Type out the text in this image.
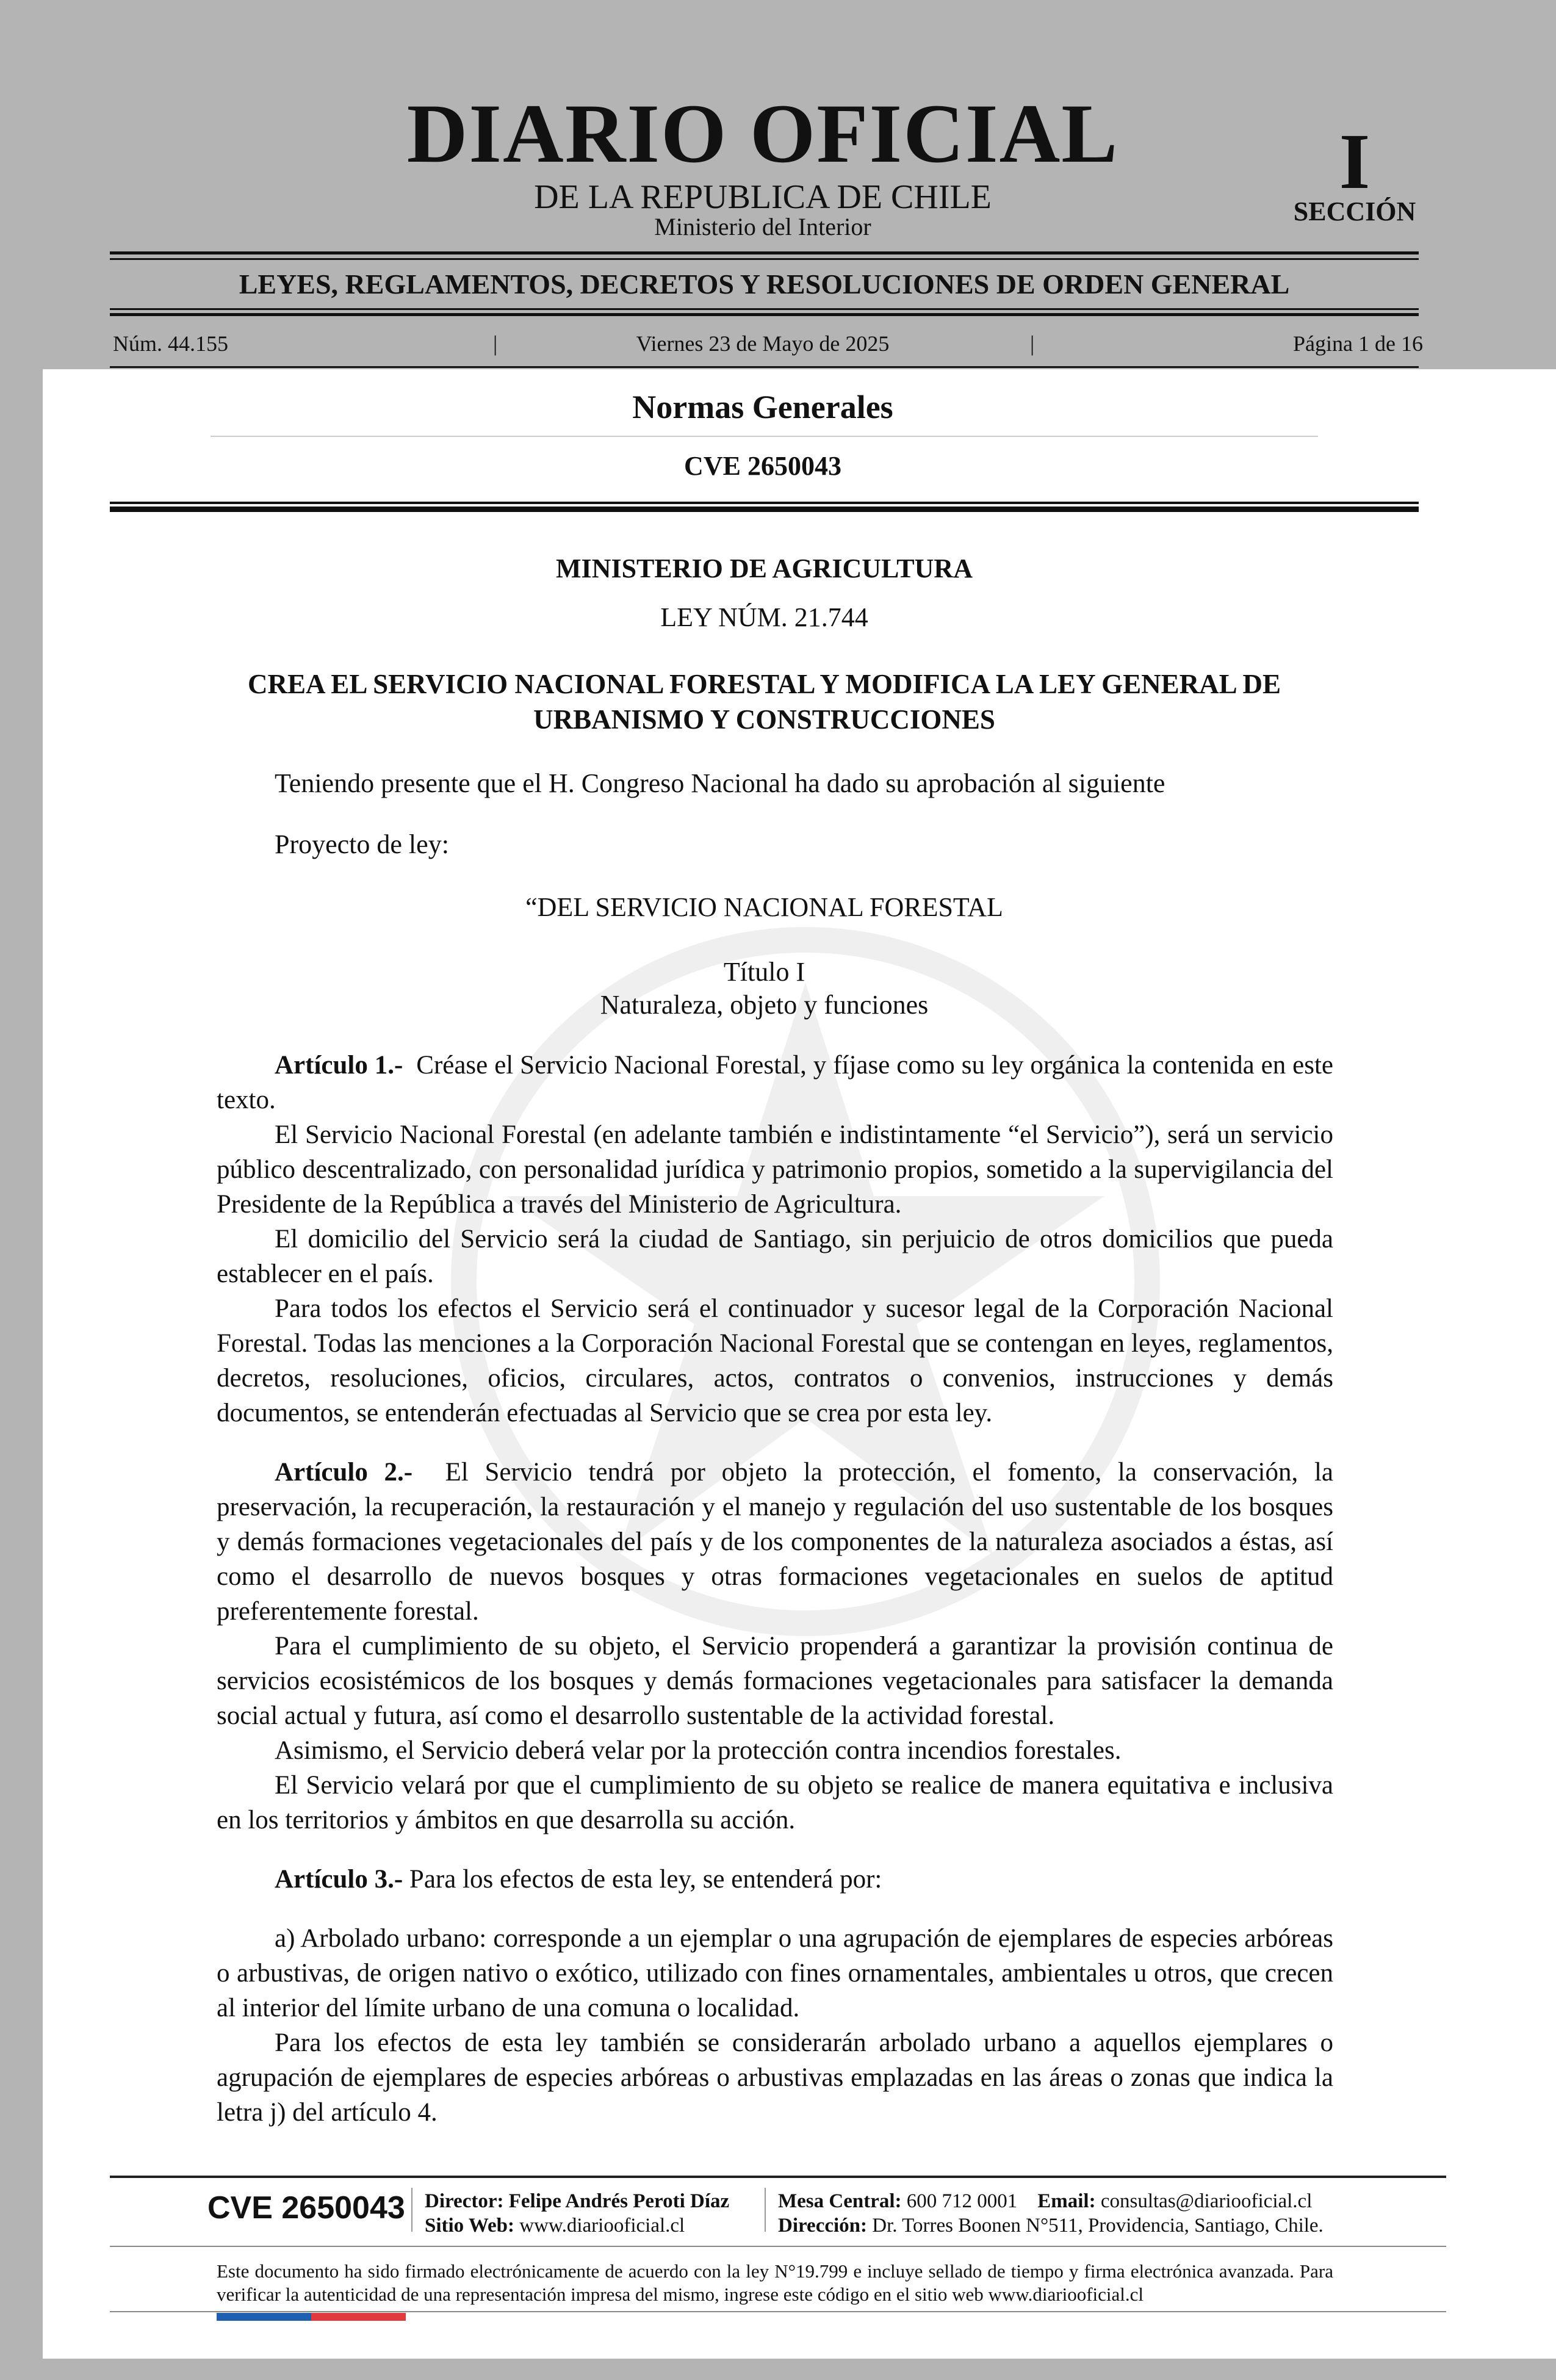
DIARIO OFICIAL
DE LA REPUBLICA DE CHILE
Ministerio del Interior
I
SECCIÓN
LEYES, REGLAMENTOS, DECRETOS Y RESOLUCIONES DE ORDEN GENERAL
Núm. 44.155	|	Viernes 23 de Mayo de 2025	|	Página 1 de 16
Normas Generales
CVE 2650043
MINISTERIO DE AGRICULTURA
LEY NÚM. 21.744
CREA EL SERVICIO NACIONAL FORESTAL Y MODIFICA LA LEY GENERAL DE
URBANISMO Y CONSTRUCCIONES
Teniendo presente que el H. Congreso Nacional ha dado su aprobación al siguiente
Proyecto de ley:
“DEL SERVICIO NACIONAL FORESTAL
Título I
Naturaleza, objeto y funciones

Artículo 1.- Créase el Servicio Nacional Forestal, y fíjase como su ley orgánica la contenida en este texto.

El Servicio Nacional Forestal (en adelante también e indistintamente “el Servicio”), será un servicio público descentralizado, con personalidad jurídica y patrimonio propios, sometido a la supervigilancia del Presidente de la República a través del Ministerio de Agricultura.

El domicilio del Servicio será la ciudad de Santiago, sin perjuicio de otros domicilios que pueda establecer en el país.

Para todos los efectos el Servicio será el continuador y sucesor legal de la Corporación Nacional Forestal. Todas las menciones a la Corporación Nacional Forestal que se contengan en leyes, reglamentos, decretos, resoluciones, oficios, circulares, actos, contratos o convenios, instrucciones y demás documentos, se entenderán efectuadas al Servicio que se crea por esta ley.

Artículo 2.- El Servicio tendrá por objeto la protección, el fomento, la conservación, la preservación, la recuperación, la restauración y el manejo y regulación del uso sustentable de los bosques y demás formaciones vegetacionales del país y de los componentes de la naturaleza asociados a éstas, así como el desarrollo de nuevos bosques y otras formaciones vegetacionales en suelos de aptitud preferentemente forestal.

Para el cumplimiento de su objeto, el Servicio propenderá a garantizar la provisión continua de servicios ecosistémicos de los bosques y demás formaciones vegetacionales para satisfacer la demanda social actual y futura, así como el desarrollo sustentable de la actividad forestal.

Asimismo, el Servicio deberá velar por la protección contra incendios forestales.

El Servicio velará por que el cumplimiento de su objeto se realice de manera equitativa e inclusiva en los territorios y ámbitos en que desarrolla su acción.

Artículo 3.- Para los efectos de esta ley, se entenderá por:

a) Arbolado urbano: corresponde a un ejemplar o una agrupación de ejemplares de especies arbóreas o arbustivas, de origen nativo o exótico, utilizado con fines ornamentales, ambientales u otros, que crecen al interior del límite urbano de una comuna o localidad.

Para los efectos de esta ley también se considerarán arbolado urbano a aquellos ejemplares o agrupación de ejemplares de especies arbóreas o arbustivas emplazadas en las áreas o zonas que indica la letra j) del artículo 4.

CVE 2650043 Director: Felipe Andrés Peroti Díaz
Sitio Web: www.diariooficial.cl
Mesa Central: 600 712 0001 Email: consultas@diariooficial.cl
Dirección: Dr. Torres Boonen N°511, Providencia, Santiago, Chile.
Este documento ha sido firmado electrónicamente de acuerdo con la ley N°19.799 e incluye sellado de tiempo y firma electrónica avanzada. Para verificar la autenticidad de una representación impresa del mismo, ingrese este código en el sitio web www.diariooficial.cl
